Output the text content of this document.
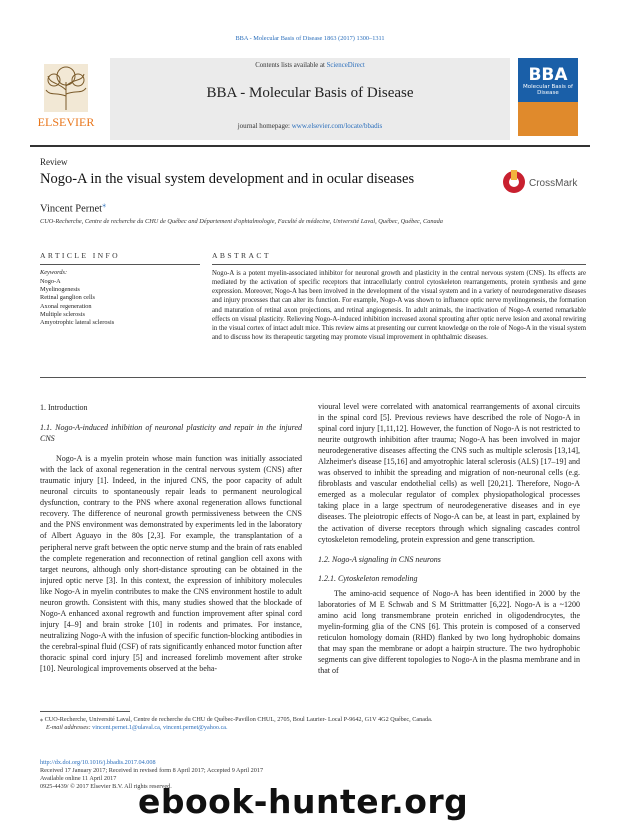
BBA - Molecular Basis of Disease 1863 (2017) 1300–1311
ELSEVIER
Contents lists available at ScienceDirect
BBA - Molecular Basis of Disease
journal homepage: www.elsevier.com/locate/bbadis
BBA
Molecular Basis of Disease
Review
Nogo-A in the visual system development and in ocular diseases	CrossMark
Vincent Pernet⁎
CUO-Recherche, Centre de recherche du CHU de Québec and Département d'ophtalmologie, Faculté de médecine, Université Laval, Québec, Québec, Canada
ARTICLE INFO	ABSTRACT
Keywords:
Nogo-A
Myelinogenesis
Retinal ganglion cells
Axonal regeneration
Multiple sclerosis
Amyotrophic lateral sclerosis
Nogo-A is a potent myelin-associated inhibitor for neuronal growth and plasticity in the central nervous system (CNS). Its effects are mediated by the activation of specific receptors that intracellularly control cytoskeleton rearrangements, protein synthesis and gene expression. Moreover, Nogo-A has been involved in the development of the visual system and in a variety of neurodegenerative diseases and injury processes that can alter its function. For example, Nogo-A was shown to influence optic nerve myelinogenesis, the formation and maturation of retinal axon projections, and retinal angiogenesis. In adult animals, the inactivation of Nogo-A exerted remarkable effects on visual plasticity. Relieving Nogo-A-induced inhibition increased axonal sprouting after optic nerve lesion and axonal rewiring in the visual cortex of intact adult mice. This review aims at presenting our current knowledge on the role of Nogo-A in the visual system and to discuss how its therapeutic targeting may promote visual improvement in ophthalmic diseases.

1. Introduction

1.1. Nogo-A-induced inhibition of neuronal plasticity and repair in the injured CNS

Nogo-A is a myelin protein whose main function was initially associated with the lack of axonal regeneration in the central nervous system (CNS) after traumatic injury [1]. Indeed, in the injured CNS, the poor capacity of adult neuronal circuits to spontaneously repair leads to permanent neurological dysfunction, contrary to the PNS where axonal regeneration allows functional recovery. The difference of neuronal growth permissiveness between the CNS and the PNS environment was demonstrated by experiments led in the laboratory of Albert Aguayo in the 80s [2,3]. For example, the transplantation of a peripheral nerve graft between the optic nerve stump and the brain of rats enabled the complete regeneration and reconnection of retinal ganglion cell axons with target neurons, although only short-distance sprouting can be obtained in the injured optic nerve [3]. In this context, the expression of inhibitory molecules like Nogo-A in myelin contributes to make the CNS environment hostile to adult neuron growth. Consistent with this, many studies showed that the blockade of Nogo-A enhanced axonal regrowth and function improvement after spinal cord injury [4–9] and brain stroke [10] in rodents and primates. For instance, neutralizing Nogo-A with the infusion of specific function-blocking antibodies in the cerebral-spinal fluid (CSF) of rats significantly enhanced motor function after thoracic spinal cord injury [5] and increased forelimb movement after stroke [10]. Neurological improvements observed at the beha-

vioural level were correlated with anatomical rearrangements of axonal circuits in the spinal cord [5]. Previous reviews have described the role of Nogo-A in spinal cord injury [1,11,12]. However, the function of Nogo-A is not restricted to neurite outgrowth inhibition after trauma; Nogo-A has been involved in major neurodegenerative diseases affecting the CNS such as multiple sclerosis [13,14], Alzheimer's disease [15,16] and amyotrophic lateral sclerosis (ALS) [17–19] and was observed to inhibit the spreading and migration of non-neuronal cells (e.g. fibroblasts and vascular endothelial cells) as well [20,21]. Therefore, Nogo-A emerged as a molecular regulator of complex physiopathological processes taking place in a large spectrum of neurodegenerative diseases and in eye diseases. The pleiotropic effects of Nogo-A can be, at least in part, explained by the activation of diverse receptors through which signaling cascades control cytoskeleton remodeling, protein expression and gene transcription.

1.2. Nogo-A signaling in CNS neurons

1.2.1. Cytoskeleton remodeling

The amino-acid sequence of Nogo-A has been identified in 2000 by the laboratories of M E Schwab and S M Strittmatter [6,22]. Nogo-A is a ~1200 amino acid long transmembrane protein enriched in oligodendrocytes, the myelin-forming glia of the CNS [6]. This protein is composed of a conserved reticulon homology domain (RHD) flanked by two long hydrophobic domains that may span the membrane or adopt a hairpin structure. The two hydrophobic segments can give different topologies to Nogo-A in the plasma membrane and in that of

⁎ CUO-Recherche, Université Laval, Centre de recherche du CHU de Québec-Pavillon CHUL, 2705, Boul Laurier- Local P-9642, G1V 4G2 Québec, Canada.
E-mail addresses: vincent.pernet.1@ulaval.ca, vincent.pernet@yahoo.ca.
http://dx.doi.org/10.1016/j.bbadis.2017.04.008
Received 17 January 2017; Received in revised form 8 April 2017; Accepted 9 April 2017
Available online 11 April 2017
0925-4439/ © 2017 Elsevier B.V. All rights reserved.
ebook-hunter.org
